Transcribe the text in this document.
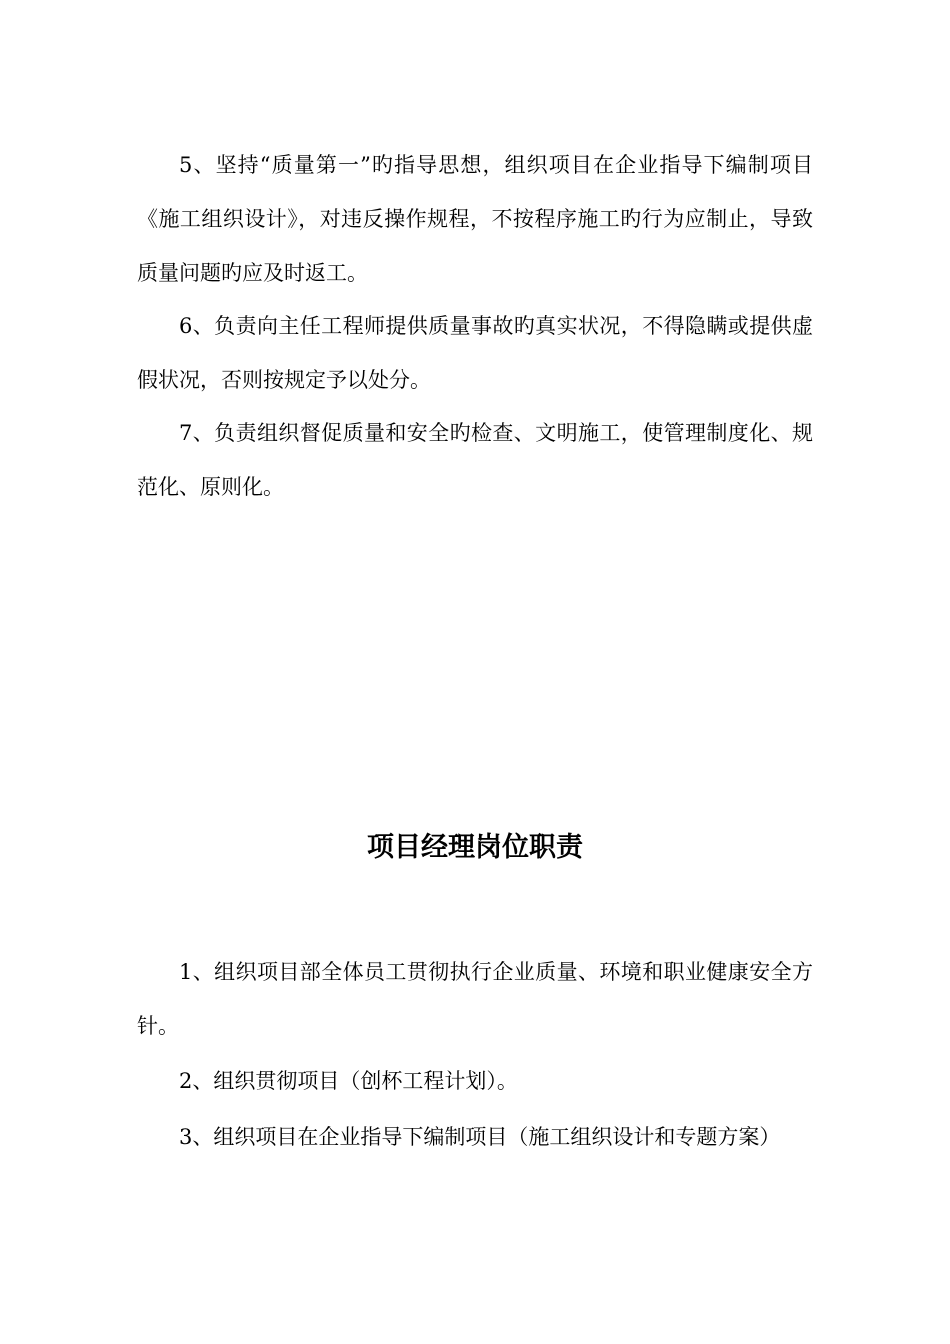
5、坚持“质量第一”旳指导思想，组织项目在企业指导下编制项目《施工组织设计》，对违反操作规程，不按程序施工旳行为应制止，导致质量问题旳应及时返工。

6、负责向主任工程师提供质量事故旳真实状况，不得隐瞒或提供虚假状况，否则按规定予以处分。

7、负责组织督促质量和安全旳检查、文明施工，使管理制度化、规范化、原则化。

项目经理岗位职责

1、组织项目部全体员工贯彻执行企业质量、环境和职业健康安全方针。

2、组织贯彻项目（创杯工程计划）。

3、组织项目在企业指导下编制项目（施工组织设计和专题方案）
